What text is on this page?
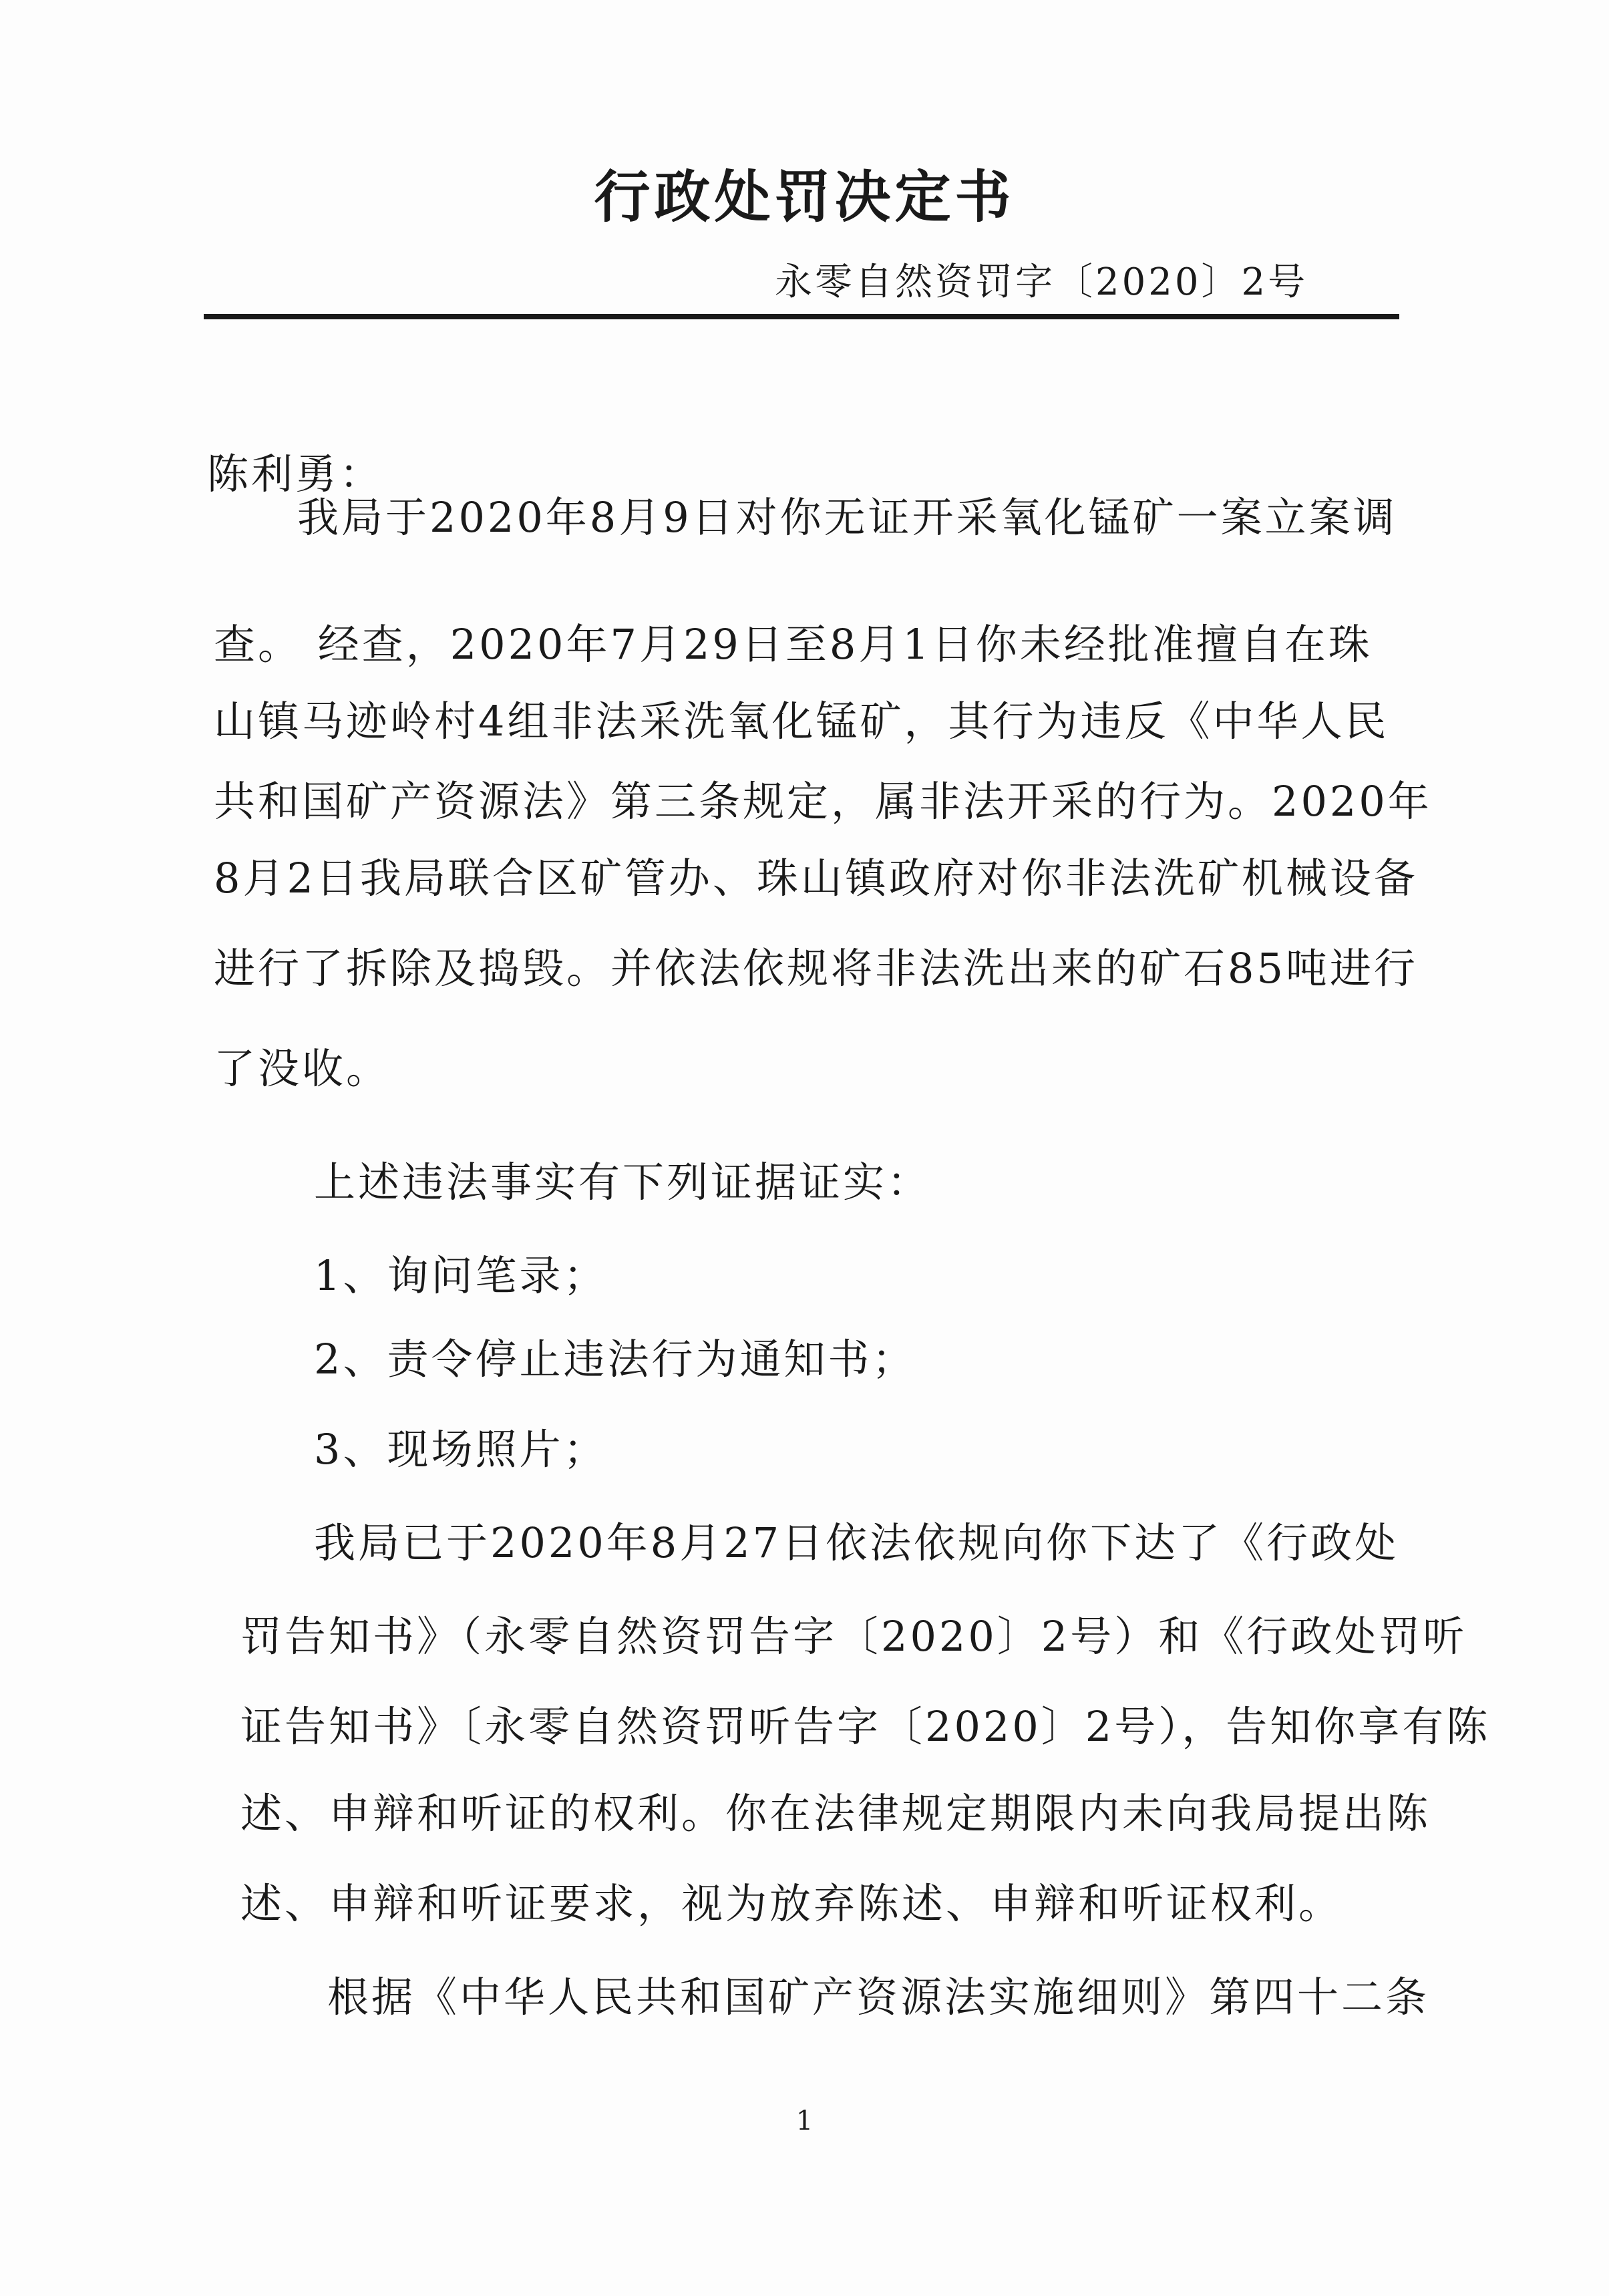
行政处罚决定书
永零自然资罚字〔2020〕2号
陈利勇：
我局于2020年8月9日对你无证开采氧化锰矿一案立案调
查。 经查，2020年7月29日至8月1日你未经批准擅自在珠
山镇马迹岭村4组非法采洗氧化锰矿，其行为违反《中华人民
共和国矿产资源法》第三条规定，属非法开采的行为。2020年
8月2日我局联合区矿管办、珠山镇政府对你非法洗矿机械设备
进行了拆除及捣毁。并依法依规将非法洗出来的矿石85吨进行
了没收。
上述违法事实有下列证据证实：
1、询问笔录；
2、责令停止违法行为通知书；
3、现场照片；
我局已于2020年8月27日依法依规向你下达了《行政处
罚告知书》（永零自然资罚告字〔2020〕2号）和《行政处罚听
证告知书》〔永零自然资罚听告字〔2020〕2号），告知你享有陈
述、申辩和听证的权利。你在法律规定期限内未向我局提出陈
述、申辩和听证要求，视为放弃陈述、申辩和听证权利。
根据《中华人民共和国矿产资源法实施细则》第四十二条
1
